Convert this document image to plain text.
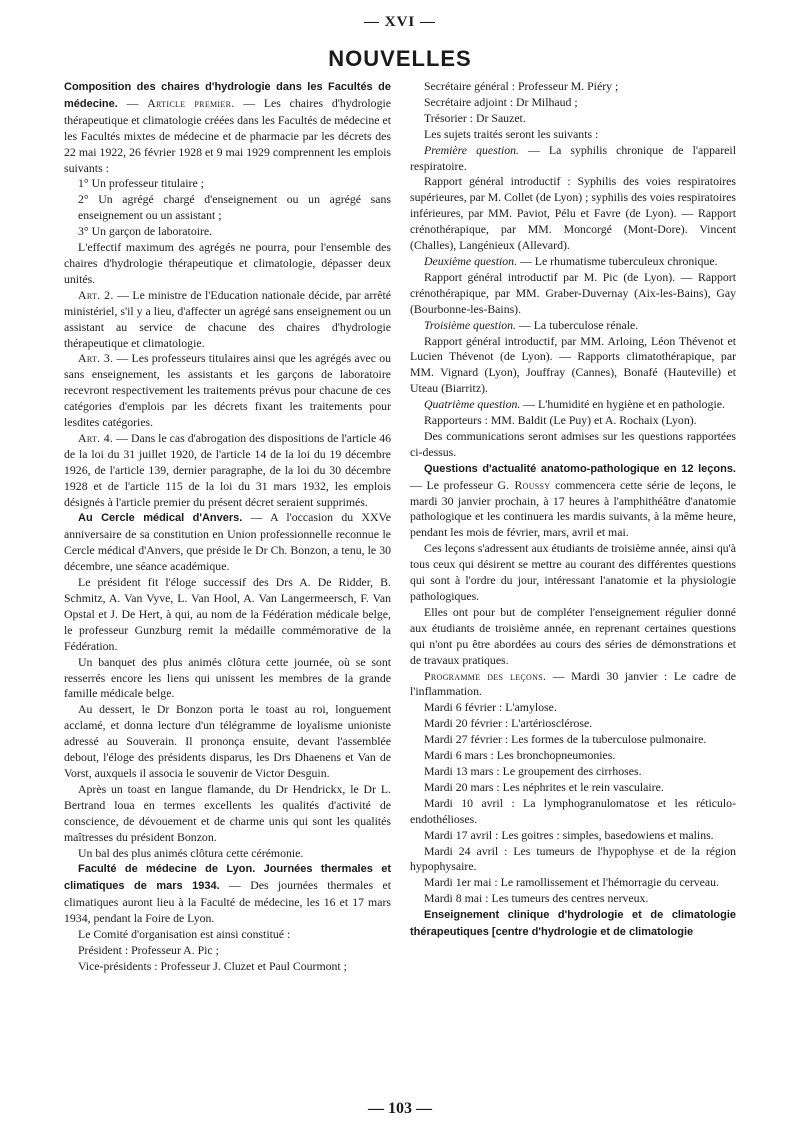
— XVI —
NOUVELLES

Composition des chaires d'hydrologie dans les Facultés de médecine. — Article premier. — Les chaires d'hydrologie thérapeutique et climatologie créées dans les Facultés de médecine et les Facultés mixtes de médecine et de pharmacie par les décrets des 22 mai 1922, 26 février 1928 et 9 mai 1929 comprennent les emplois suivants :

1° Un professeur titulaire ;

2° Un agrégé chargé d'enseignement ou un agrégé sans enseignement ou un assistant ;

3° Un garçon de laboratoire.

L'effectif maximum des agrégés ne pourra, pour l'ensemble des chaires d'hydrologie thérapeutique et climatologie, dépasser deux unités.

Art. 2. — Le ministre de l'Education nationale décide, par arrêté ministériel, s'il y a lieu, d'affecter un agrégé sans enseignement ou un assistant au service de chacune des chaires d'hydrologie thérapeutique et climatologie.

Art. 3. — Les professeurs titulaires ainsi que les agrégés avec ou sans enseignement, les assistants et les garçons de laboratoire recevront respectivement les traitements prévus pour chacune de ces catégories d'emplois par les décrets fixant les traitements pour lesdites catégories.

Art. 4. — Dans le cas d'abrogation des dispositions de l'article 46 de la loi du 31 juillet 1920, de l'article 14 de la loi du 19 décembre 1926, de l'article 139, dernier paragraphe, de la loi du 30 décembre 1928 et de l'article 115 de la loi du 31 mars 1932, les emplois désignés à l'article premier du présent décret seraient supprimés.

Au Cercle médical d'Anvers. — A l'occasion du XXVe anniversaire de sa constitution en Union professionnelle reconnue le Cercle médical d'Anvers, que préside le Dr Ch. Bonzon, a tenu, le 30 décembre, une séance académique.

Le président fit l'éloge successif des Drs A. De Ridder, B. Schmitz, A. Van Vyve, L. Van Hool, A. Van Langermeersch, F. Van Opstal et J. De Hert, à qui, au nom de la Fédération médicale belge, le professeur Gunzburg remit la médaille commémorative de la Fédération.

Un banquet des plus animés clôtura cette journée, où se sont resserrés encore les liens qui unissent les membres de la grande famille médicale belge.

Au dessert, le Dr Bonzon porta le toast au roi, longuement acclamé, et donna lecture d'un télégramme de loyalisme unioniste adressé au Souverain. Il prononça ensuite, devant l'assemblée debout, l'éloge des présidents disparus, les Drs Dhaenens et Van de Vorst, auxquels il associa le souvenir de Victor Desguin.

Après un toast en langue flamande, du Dr Hendrickx, le Dr L. Bertrand loua en termes excellents les qualités d'activité de conscience, de dévouement et de charme unis qui sont les qualités maîtresses du président Bonzon.

Un bal des plus animés clôtura cette cérémonie.

Faculté de médecine de Lyon. Journées thermales et climatiques de mars 1934. — Des journées thermales et climatiques auront lieu à la Faculté de médecine, les 16 et 17 mars 1934, pendant la Foire de Lyon.

Le Comité d'organisation est ainsi constitué :

Président : Professeur A. Pic ;

Vice-présidents : Professeur J. Cluzet et Paul Courmont ;

Secrétaire général : Professeur M. Piéry ;

Secrétaire adjoint : Dr Milhaud ;

Trésorier : Dr Sauzet.

Les sujets traités seront les suivants :

Première question. — La syphilis chronique de l'appareil respiratoire.

Rapport général introductif : Syphilis des voies respiratoires supérieures, par M. Collet (de Lyon) ; syphilis des voies respiratoires inférieures, par MM. Paviot, Pélu et Favre (de Lyon). — Rapport crénothérapique, par MM. Moncorgé (Mont-Dore). Vincent (Challes), Langénieux (Allevard).

Deuxième question. — Le rhumatisme tuberculeux chronique.

Rapport général introductif par M. Pic (de Lyon). — Rapport crénothérapique, par MM. Graber-Duvernay (Aix-les-Bains), Gay (Bourbonne-les-Bains).

Troisième question. — La tuberculose rénale.

Rapport général introductif, par MM. Arloing, Léon Thévenot et Lucien Thévenot (de Lyon). — Rapports climatothérapique, par MM. Vignard (Lyon), Jouffray (Cannes), Bonafé (Hauteville) et Uteau (Biarritz).

Quatrième question. — L'humidité en hygiène et en pathologie.

Rapporteurs : MM. Baldit (Le Puy) et A. Rochaix (Lyon).

Des communications seront admises sur les questions rapportées ci-dessus.

Questions d'actualité anatomo-pathologique en 12 leçons. — Le professeur G. Roussy commencera cette série de leçons, le mardi 30 janvier prochain, à 17 heures à l'amphithéâtre d'anatomie pathologique et les continuera les mardis suivants, à la même heure, pendant les mois de février, mars, avril et mai.

Ces leçons s'adressent aux étudiants de troisième année, ainsi qu'à tous ceux qui désirent se mettre au courant des différentes questions qui sont à l'ordre du jour, intéressant l'anatomie et la physiologie pathologiques.

Elles ont pour but de compléter l'enseignement régulier donné aux étudiants de troisième année, en reprenant certaines questions qui n'ont pu être abordées au cours des séries de démonstrations et de travaux pratiques.

Programme des leçons. — Mardi 30 janvier : Le cadre de l'inflammation.

Mardi 6 février : L'amylose.

Mardi 20 février : L'artériosclérose.

Mardi 27 février : Les formes de la tuberculose pulmonaire.

Mardi 6 mars : Les bronchopneumonies.

Mardi 13 mars : Le groupement des cirrhoses.

Mardi 20 mars : Les néphrites et le rein vasculaire.

Mardi 10 avril : La lymphogranulomatose et les réticulo-endothélioses.

Mardi 17 avril : Les goitres : simples, basedowiens et malins.

Mardi 24 avril : Les tumeurs de l'hypophyse et de la région hypophysaire.

Mardi 1er mai : Le ramollissement et l'hémorragie du cerveau.

Mardi 8 mai : Les tumeurs des centres nerveux.

Enseignement clinique d'hydrologie et de climatologie thérapeutiques [centre d'hydrologie et de climatologie

— 103 —
